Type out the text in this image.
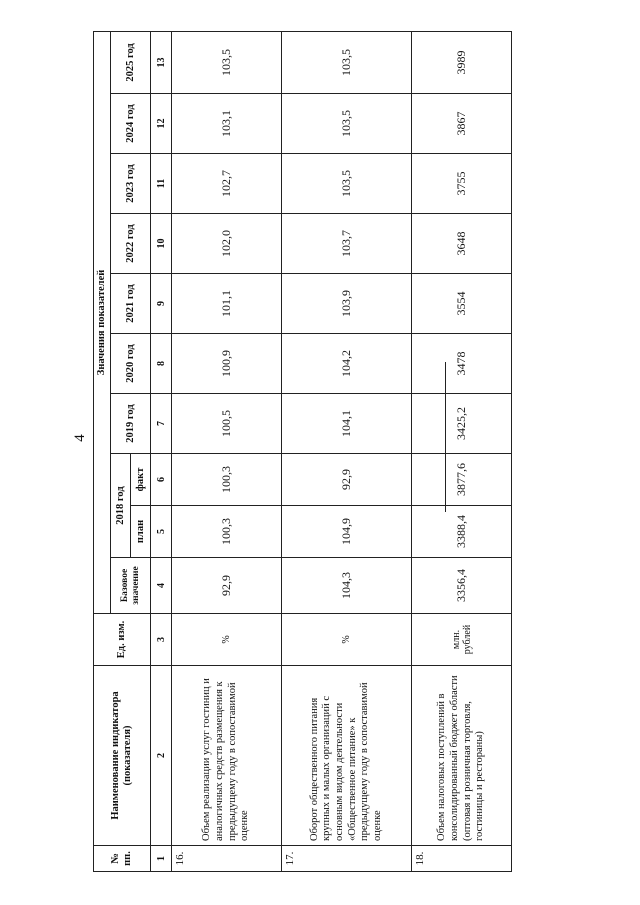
4
№ пп.	Наименование индикатора (показателя)	Ед. изм.	Значения показателей									
			Базовое значение	2018 год		2019 год	2020 год	2021 год	2022 год	2023 год	2024 год	2025 год
				план	факт							
1	2	3	4	5	6	7	8	9	10	11	12	13
16.	Объем реализации услуг гостиниц и аналогичных средств размещения к предыдущему году в сопоставимой оценке	%	92,9	100,3	100,3	100,5	100,9	101,1	102,0	102,7	103,1	103,5
17.	Оборот общественного питания крупных и малых организаций с основным видом деятельности «Общественное питание» к предыдущему году в сопоставимой оценке	%	104,3	104,9	92,9	104,1	104,2	103,9	103,7	103,5	103,5	103,5
18.	Объем налоговых поступлений в консолидированный бюджет области (оптовая и розничная торговля, гостиницы и рестораны)	млн. рублей	3356,4	3388,4	3877,6	3425,2	3478	3554	3648	3755	3867	3989
